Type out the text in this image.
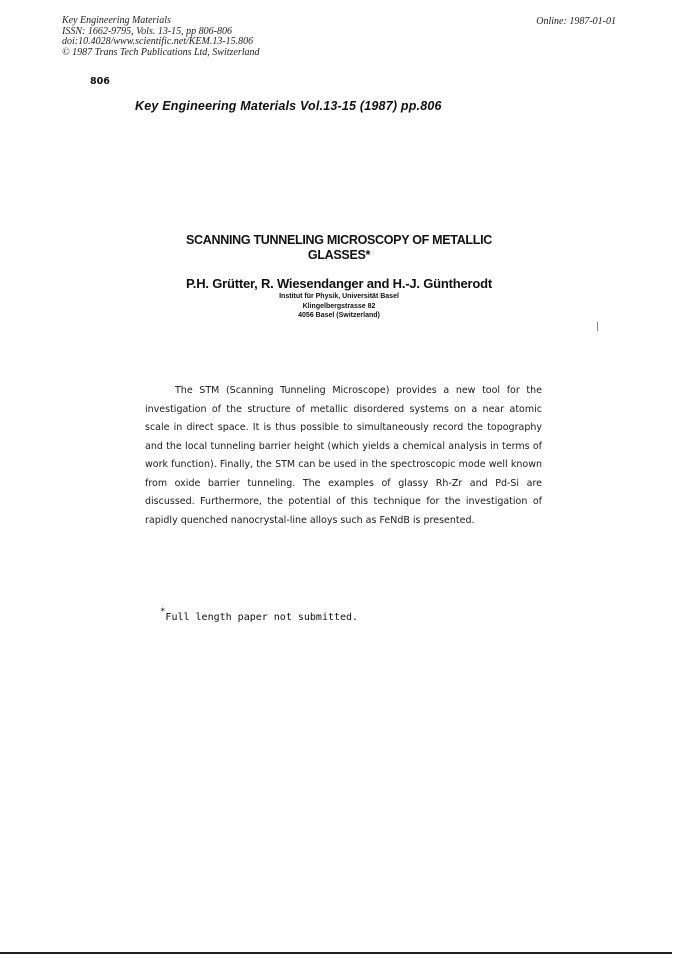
Key Engineering Materials
ISSN: 1662-9795, Vols. 13-15, pp 806-806
doi:10.4028/www.scientific.net/KEM.13-15.806
© 1987 Trans Tech Publications Ltd, Switzerland
Online: 1987-01-01
806
Key Engineering Materials Vol.13-15 (1987) pp.806
SCANNING TUNNELING MICROSCOPY OF METALLIC
GLASSES*
P.H. Grütter, R. Wiesendanger and H.-J. Güntherodt
Institut für Physik, Universität Basel
Klingelbergstrasse 82
4056 Basel (Switzerland)

The STM (Scanning Tunneling Microscope) provides a new tool for the investigation of the structure of metallic disordered systems on a near atomic scale in direct space. It is thus possible to simultaneously record the topography and the local tunneling barrier height (which yields a chemical analysis in terms of work function). Finally, the STM can be used in the spectroscopic mode well known from oxide barrier tunneling. The examples of glassy Rh-Zr and Pd-Si are discussed. Furthermore, the potential of this technique for the investigation of rapidly quenched nanocrystal-line alloys such as FeNdB is presented.

*Full length paper not submitted.
